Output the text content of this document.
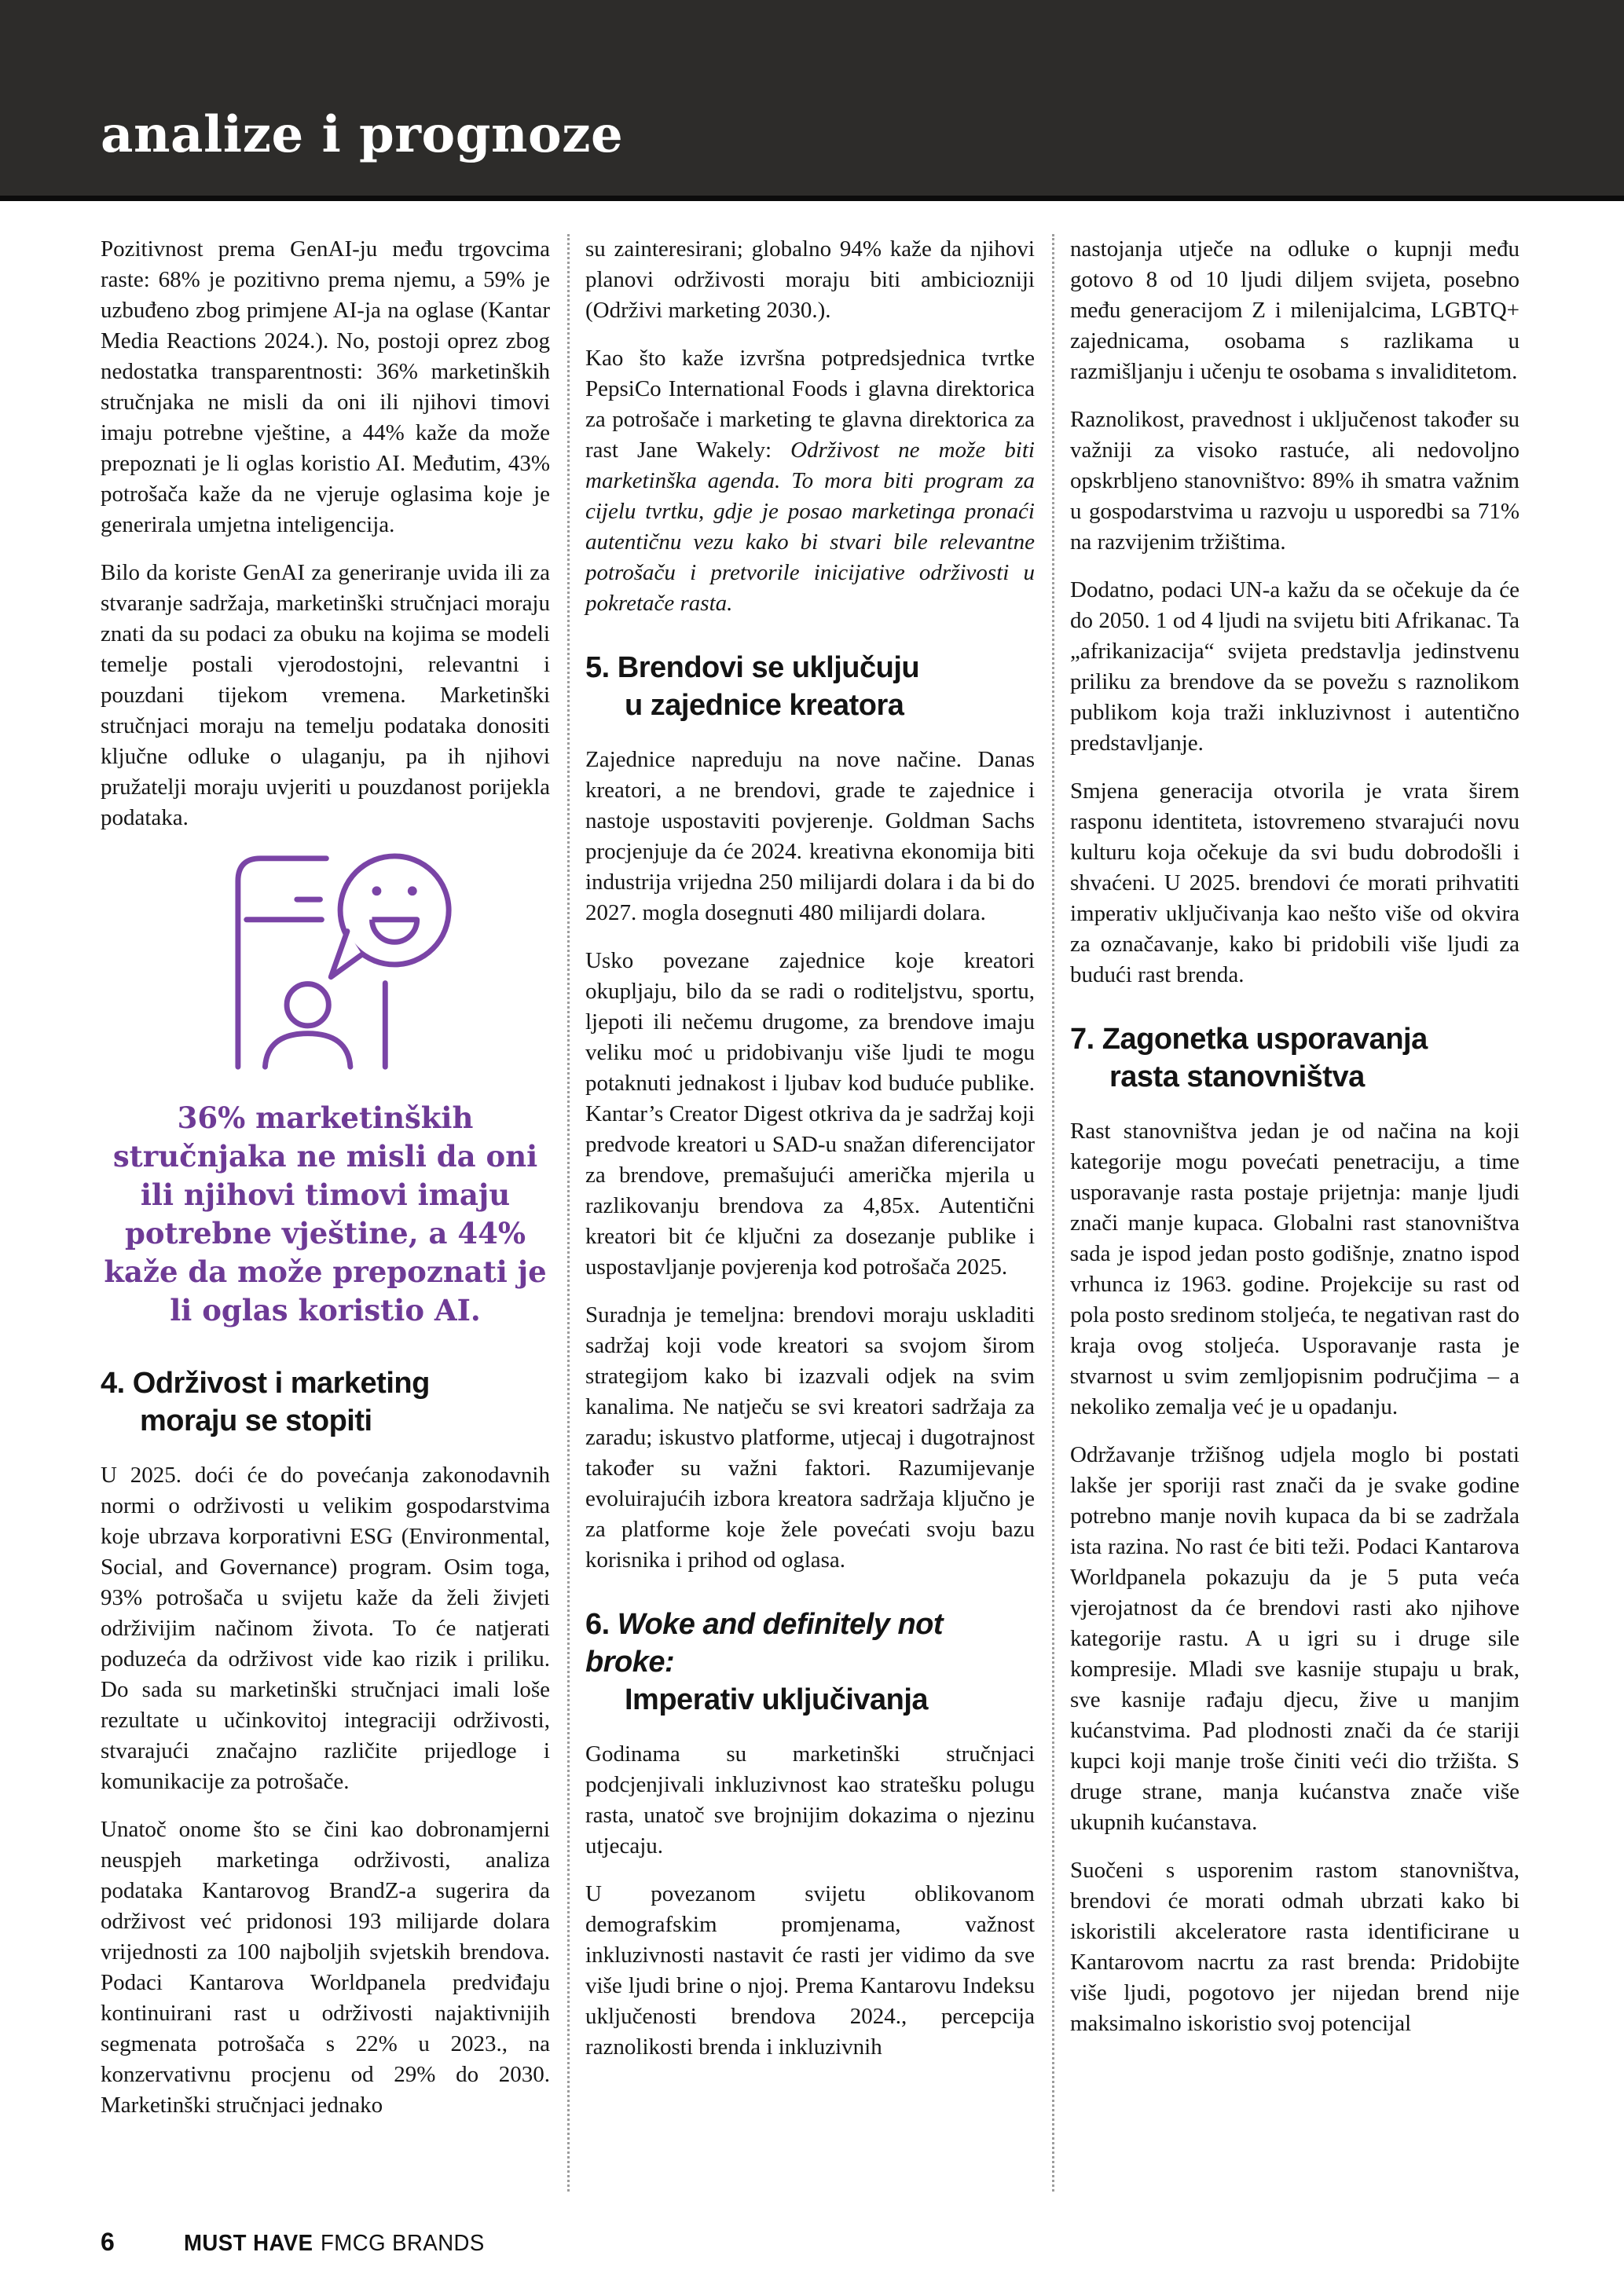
analize i prognoze

Pozitivnost prema GenAI-ju među trgovcima raste: 68% je pozitivno prema njemu, a 59% je uzbuđeno zbog primjene AI-ja na oglase (Kantar Media Reactions 2024.). No, postoji oprez zbog nedostatka transparentnosti: 36% marketinških stručnjaka ne misli da oni ili njihovi timovi imaju potrebne vještine, a 44% kaže da može prepoznati je li oglas koristio AI. Međutim, 43% potrošača kaže da ne vjeruje oglasima koje je generirala umjetna inteligencija.

Bilo da koriste GenAI za generiranje uvida ili za stvaranje sadržaja, marketinški stručnjaci moraju znati da su podaci za obuku na kojima se modeli temelje postali vjerodostojni, relevantni i pouzdani tijekom vremena. Marketinški stručnjaci moraju na temelju podataka donositi ključne odluke o ulaganju, pa ih njihovi pružatelji moraju uvjeriti u pouzdanost porijekla podataka.

36% marketinških stručnjaka ne misli da oni ili njihovi timovi imaju potrebne vještine, a 44% kaže da može prepoznati je li oglas koristio AI.
4. Održivost i marketing
moraju se stopiti

U 2025. doći će do povećanja zakonodavnih normi o održivosti u velikim gospodarstvima koje ubrzava korporativni ESG (Environmental, Social, and Governance) program. Osim toga, 93% potrošača u svijetu kaže da želi živjeti održivijim načinom života. To će natjerati poduzeća da održivost vide kao rizik i priliku. Do sada su marketinški stručnjaci imali loše rezultate u učinkovitoj integraciji održivosti, stvarajući značajno različite prijedloge i komunikacije za potrošače.

Unatoč onome što se čini kao dobronamjerni neuspjeh marketinga održivosti, analiza podataka Kantarovog BrandZ-a sugerira da održivost već pridonosi 193 milijarde dolara vrijednosti za 100 najboljih svjetskih brendova. Podaci Kantarova Worldpanela predviđaju kontinuirani rast u održivosti najaktivnijih segmenata potrošača s 22% u 2023., na konzervativnu procjenu od 29% do 2030. Marketinški stručnjaci jednako

su zainteresirani; globalno 94% kaže da njihovi planovi održivosti moraju biti ambiciozniji (Održivi marketing 2030.).

Kao što kaže izvršna potpredsjednica tvrtke PepsiCo International Foods i glavna direktorica za potrošače i marketing te glavna direktorica za rast Jane Wakely: Održivost ne može biti marketinška agenda. To mora biti program za cijelu tvrtku, gdje je posao marketinga pronaći autentičnu vezu kako bi stvari bile relevantne potrošaču i pretvorile inicijative održivosti u pokretače rasta.

5. Brendovi se uključuju
u zajednice kreatora

Zajednice napreduju na nove načine. Danas kreatori, a ne brendovi, grade te zajednice i nastoje uspostaviti povjerenje. Goldman Sachs procjenjuje da će 2024. kreativna ekonomija biti industrija vrijedna 250 milijardi dolara i da bi do 2027. mogla dosegnuti 480 milijardi dolara.

Usko povezane zajednice koje kreatori okupljaju, bilo da se radi o roditeljstvu, sportu, ljepoti ili nečemu drugome, za brendove imaju veliku moć u pridobivanju više ljudi te mogu potaknuti jednakost i ljubav kod buduće publike. Kantar’s Creator Digest otkriva da je sadržaj koji predvode kreatori u SAD-u snažan diferencijator za brendove, premašujući američka mjerila u razlikovanju brendova za 4,85x. Autentični kreatori bit će ključni za dosezanje publike i uspostavljanje povjerenja kod potrošača 2025.

Suradnja je temeljna: brendovi moraju uskladiti sadržaj koji vode kreatori sa svojom širom strategijom kako bi izazvali odjek na svim kanalima. Ne natječu se svi kreatori sadržaja za zaradu; iskustvo platforme, utjecaj i dugotrajnost također su važni faktori. Razumijevanje evoluirajućih izbora kreatora sadržaja ključno je za platforme koje žele povećati svoju bazu korisnika i prihod od oglasa.

6. Woke and definitely not broke:
Imperativ uključivanja

Godinama su marketinški stručnjaci podcjenjivali inkluzivnost kao stratešku polugu rasta, unatoč sve brojnijim dokazima o njezinu utjecaju.

U povezanom svijetu oblikovanom demografskim promjenama, važnost inkluzivnosti nastavit će rasti jer vidimo da sve više ljudi brine o njoj. Prema Kantarovu Indeksu uključenosti brendova 2024., percepcija raznolikosti brenda i inkluzivnih

nastojanja utječe na odluke o kupnji među gotovo 8 od 10 ljudi diljem svijeta, posebno među generacijom Z i milenijalcima, LGBTQ+ zajednicama, osobama s razlikama u razmišljanju i učenju te osobama s invaliditetom.

Raznolikost, pravednost i uključenost također su važniji za visoko rastuće, ali nedovoljno opskrbljeno stanovništvo: 89% ih smatra važnim u gospodarstvima u razvoju u usporedbi sa 71% na razvijenim tržištima.

Dodatno, podaci UN-a kažu da se očekuje da će do 2050. 1 od 4 ljudi na svijetu biti Afrikanac. Ta „afrikanizacija“ svijeta predstavlja jedinstvenu priliku za brendove da se povežu s raznolikom publikom koja traži inkluzivnost i autentično predstavljanje.

Smjena generacija otvorila je vrata širem rasponu identiteta, istovremeno stvarajući novu kulturu koja očekuje da svi budu dobrodošli i shvaćeni. U 2025. brendovi će morati prihvatiti imperativ uključivanja kao nešto više od okvira za označavanje, kako bi pridobili više ljudi za budući rast brenda.

7. Zagonetka usporavanja
rasta stanovništva

Rast stanovništva jedan je od načina na koji kategorije mogu povećati penetraciju, a time usporavanje rasta postaje prijetnja: manje ljudi znači manje kupaca. Globalni rast stanovništva sada je ispod jedan posto godišnje, znatno ispod vrhunca iz 1963. godine. Projekcije su rast od pola posto sredinom stoljeća, te negativan rast do kraja ovog stoljeća. Usporavanje rasta je stvarnost u svim zemljopisnim područjima – a nekoliko zemalja već je u opadanju.

Održavanje tržišnog udjela moglo bi postati lakše jer sporiji rast znači da je svake godine potrebno manje novih kupaca da bi se zadržala ista razina. No rast će biti teži. Podaci Kantarova Worldpanela pokazuju da je 5 puta veća vjerojatnost da će brendovi rasti ako njihove kategorije rastu. A u igri su i druge sile kompresije. Mladi sve kasnije stupaju u brak, sve kasnije rađaju djecu, žive u manjim kućanstvima. Pad plodnosti znači da će stariji kupci koji manje troše činiti veći dio tržišta. S druge strane, manja kućanstva znače više ukupnih kućanstava.

Suočeni s usporenim rastom stanovništva, brendovi će morati odmah ubrzati kako bi iskoristili akceleratore rasta identificirane u Kantarovom nacrtu za rast brenda: Pridobijte više ljudi, pogotovo jer nijedan brend nije maksimalno iskoristio svoj potencijal

6	MUST HAVE FMCG BRANDS
